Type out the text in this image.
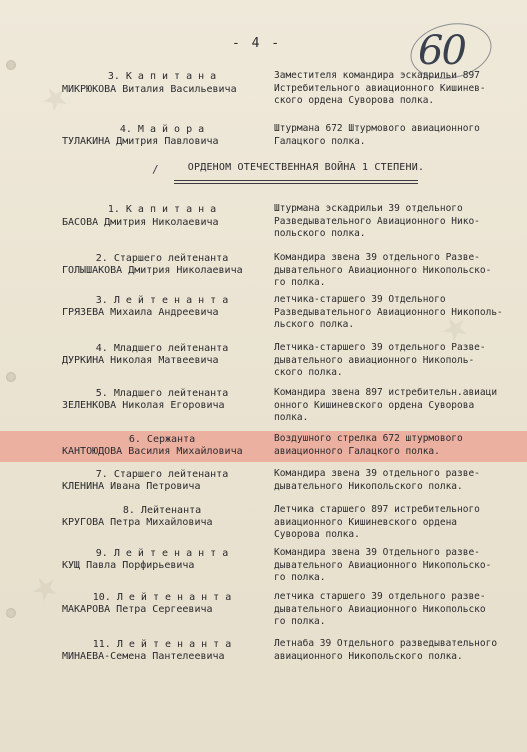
★
★
★
- 4 -	60
3. К а п и т а н а
МИКРЮКОВА Виталия Васильевича
Заместителя командира эскадрильи 897
Истребительного авиационного Кишинев-
ского ордена Суворова полка.
4. М а й о р а
ТУЛАКИНА Дмитрия Павловича
Штурмана 672 Штурмового авиационного
Галацкого полка.
/	ОРДЕНОМ ОТЕЧЕСТВЕННАЯ ВОЙНА 1 СТЕПЕНИ.
1. К а п и т а н а
БАСОВА Дмитрия Николаевича
Штурмана эскадрильи 39 отдельного
Разведывательного Авиационного Нико-
польского полка.
2. Старшего лейтенанта
ГОЛЫШАКОВА Дмитрия Николаевича
Командира звена 39 отдельного Разве-
дывательного Авиационного Никопольско-
го полка.
3. Л е й т е н а н т а
ГРЯЗЕВА Михаила Андреевича
летчика-старшего 39 Отдельного
Разведывательного Авиационного Никополь-
льского полка.
4. Младшего лейтенанта
ДУРКИНА Николая Матвеевича
Летчика-старшего 39 отдельного Разве-
дывательного авиационного Никополь-
ского полка.
5. Младшего лейтенанта
ЗЕЛЕНКОВА Николая Егоровича
Командира звена 897 истребительн.авиаци
онного Кишиневского ордена Суворова
полка.
6. Сержанта
КАНТОЮДОВА Василия Михайловича
Воздушного стрелка 672 штурмового
авиационного Галацкого полка.
7. Старшего лейтенанта
КЛЕНИНА Ивана Петровича
Командира звена 39 отдельного разве-
дывательного Никопольского полка.
8. Лейтенанта
КРУГОВА Петра Михайловича
Летчика старшего 897 истребительного
авиационного Кишиневского ордена
Суворова полка.
9. Л е й т е н а н т а
КУЩ Павла Порфирьевича
Командира звена 39 Отдельного разве-
дывательного Авиационного Никопольско-
го полка.
10. Л е й т е н а н т а
МАКАРОВА Петра Сергеевича
летчика старшего 39 отдельного разве-
дывательного Авиационного Никопольско
го полка.
11. Л е й т е н а н т а
МИНАЕВА-Семена Пантелеевича
Летнаба 39 Отдельного разведывательного
авиационного Никопольского полка.
